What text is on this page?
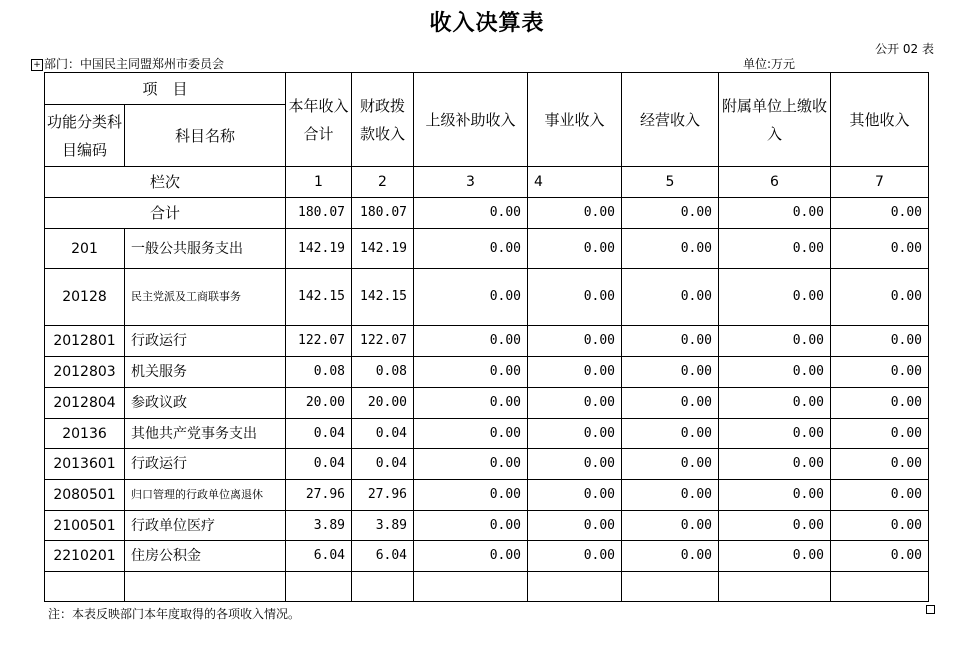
收入决算表
公开 02 表
+ 部门：中国民主同盟郑州市委员会	单位:万元
项　目		本年收入合计	财政拨款收入	上级补助收入	事业收入	经营收入	附属单位上缴收入	其他收入
功能分类科目编码	科目名称							
栏次		1	2	3	4	5	6	7
合计		180.07	180.07	0.00	0.00	0.00	0.00	0.00
201	一般公共服务支出	142.19	142.19	0.00	0.00	0.00	0.00	0.00
20128	民主党派及工商联事务	142.15	142.15	0.00	0.00	0.00	0.00	0.00
2012801	行政运行	122.07	122.07	0.00	0.00	0.00	0.00	0.00
2012803	机关服务	0.08	0.08	0.00	0.00	0.00	0.00	0.00
2012804	参政议政	20.00	20.00	0.00	0.00	0.00	0.00	0.00
20136	其他共产党事务支出	0.04	0.04	0.00	0.00	0.00	0.00	0.00
2013601	行政运行	0.04	0.04	0.00	0.00	0.00	0.00	0.00
2080501	归口管理的行政单位离退休	27.96	27.96	0.00	0.00	0.00	0.00	0.00
2100501	行政单位医疗	3.89	3.89	0.00	0.00	0.00	0.00	0.00
2210201	住房公积金	6.04	6.04	0.00	0.00	0.00	0.00	0.00

注：本表反映部门本年度取得的各项收入情况。
